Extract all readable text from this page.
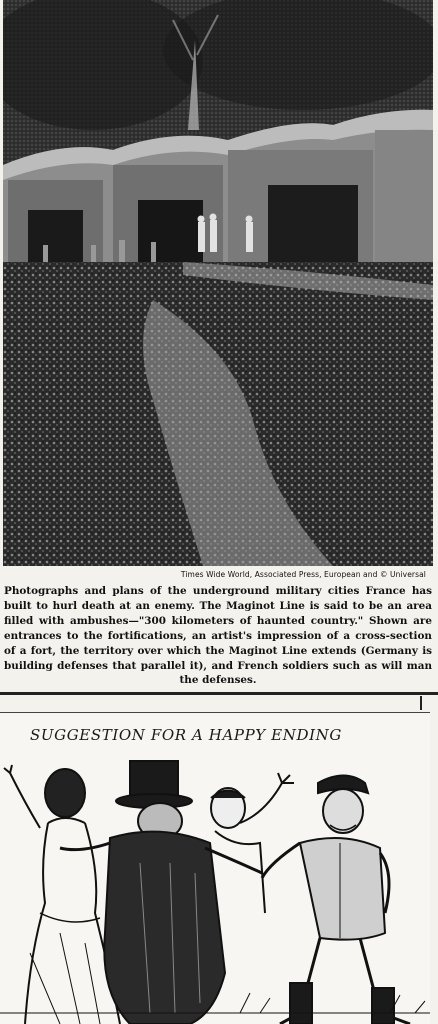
Times Wide World, Associated Press, European and © Universal
Photographs and plans of the underground military cities France has built to hurl death at an enemy. The Maginot Line is said to be an area filled with ambushes—"300 kilometers of haunted country." Shown are entrances to the fortifications, an artist's impression of a cross-section of a fort, the territory over which the Maginot Line extends (Germany is building defenses that parallel it), and French soldiers such as will man the defenses.
SUGGESTION FOR A HAPPY ENDING
